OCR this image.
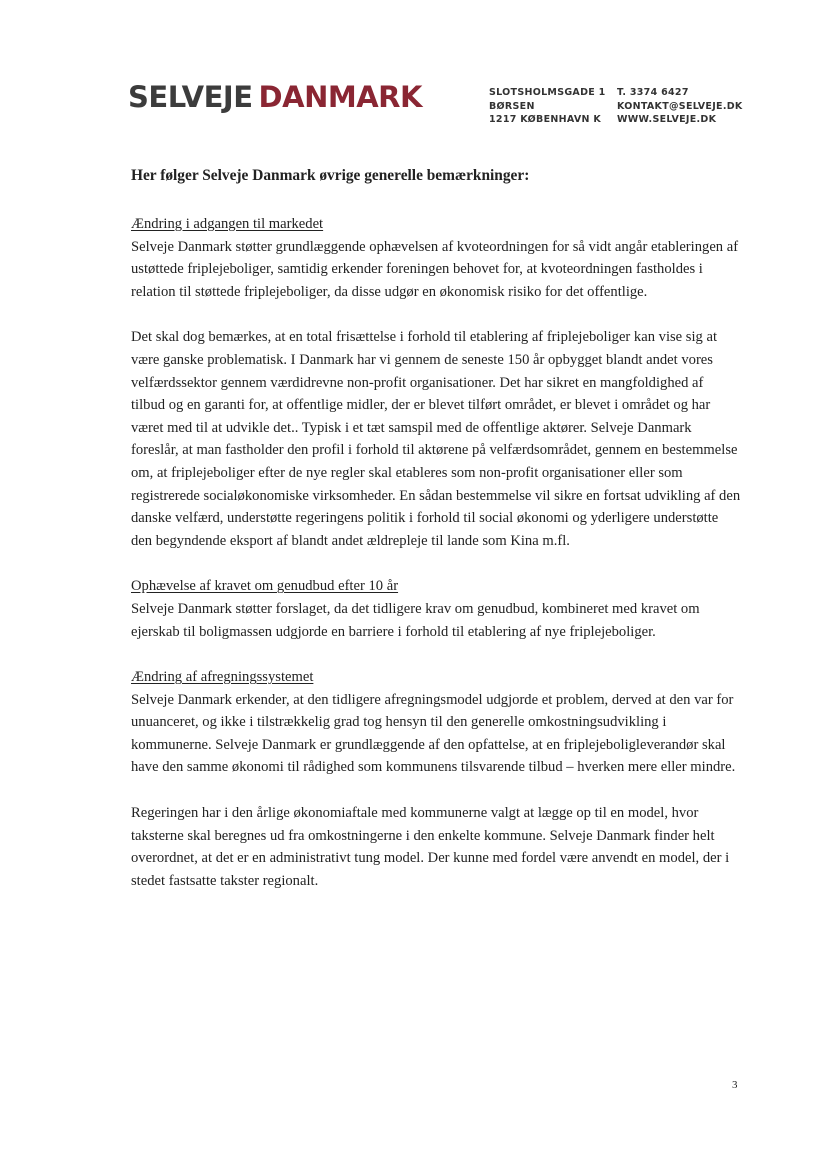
SELVEJE DANMARK	SLOTSHOLMSGADE 1
BØRSEN
1217 KØBENHAVN K
T. 3374 6427
KONTAKT@SELVEJE.DK
WWW.SELVEJE.DK
Her følger Selveje Danmark øvrige generelle bemærkninger:
Ændring i adgangen til markedet

Selveje Danmark støtter grundlæggende ophævelsen af kvoteordningen for så vidt angår etableringen af ustøttede friplejeboliger, samtidig erkender foreningen behovet for, at kvoteordningen fastholdes i relation til støttede friplejeboliger, da disse udgør en økonomisk risiko for det offentlige.

Det skal dog bemærkes, at en total frisættelse i forhold til etablering af friplejeboliger kan vise sig at være ganske problematisk. I Danmark har vi gennem de seneste 150 år opbygget blandt andet vores velfærdssektor gennem værdidrevne non-profit organisationer. Det har sikret en mangfoldighed af tilbud og en garanti for, at offentlige midler, der er blevet tilført området, er blevet i området og har været med til at udvikle det.. Typisk i et tæt samspil med de offentlige aktører. Selveje Danmark foreslår, at man fastholder den profil i forhold til aktørene på velfærdsområdet, gennem en bestemmelse om, at friplejeboliger efter de nye regler skal etableres som non-profit organisationer eller som registrerede socialøkonomiske virksomheder. En sådan bestemmelse vil sikre en fortsat udvikling af den danske velfærd, understøtte regeringens politik i forhold til social økonomi og yderligere understøtte den begyndende eksport af blandt andet ældrepleje til lande som Kina m.fl.

Ophævelse af kravet om genudbud efter 10 år

Selveje Danmark støtter forslaget, da det tidligere krav om genudbud, kombineret med kravet om ejerskab til boligmassen udgjorde en barriere i forhold til etablering af nye friplejeboliger.

Ændring af afregningssystemet

Selveje Danmark erkender, at den tidligere afregningsmodel udgjorde et problem, derved at den var for unuanceret, og ikke i tilstrækkelig grad tog hensyn til den generelle omkostningsudvikling i kommunerne. Selveje Danmark er grundlæggende af den opfattelse, at en friplejeboligleverandør skal have den samme økonomi til rådighed som kommunens tilsvarende tilbud – hverken mere eller mindre.

Regeringen har i den årlige økonomiaftale med kommunerne valgt at lægge op til en model, hvor taksterne skal beregnes ud fra omkostningerne i den enkelte kommune. Selveje Danmark finder helt overordnet, at det er en administrativt tung model. Der kunne med fordel være anvendt en model, der i stedet fastsatte takster regionalt.

3
